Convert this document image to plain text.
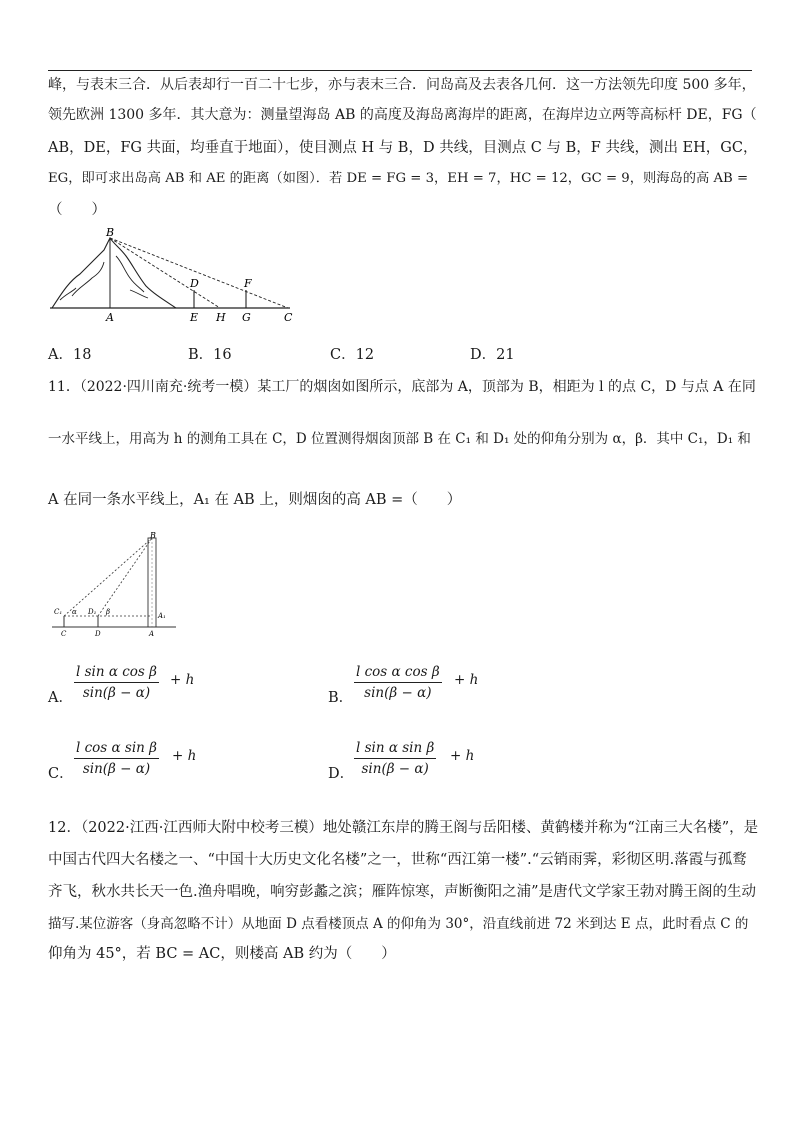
峰，与表末三合．从后表却行一百二十七步，亦与表末三合．问岛高及去表各几何．这一方法领先印度 500 多年，
领先欧洲 1300 多年．其大意为：测量望海岛 AB 的高度及海岛离海岸的距离，在海岸边立两等高标杆 DE，FG（
AB，DE，FG 共面，均垂直于地面），使目测点 H 与 B，D 共线，目测点 C 与 B，F 共线，测出 EH，GC，
EG，即可求出岛高 AB 和 AE 的距离（如图）．若 DE = FG = 3，EH = 7，HC = 12，GC = 9，则海岛的高 AB =
（　　）
B
D	F
A	E H G	C
A．18	B．16	C．12	D．21
11．（2022·四川南充·统考一模）某工厂的烟囱如图所示，底部为 A，顶部为 B，相距为 l 的点 C，D 与点 A 在同
一水平线上，用高为 h 的测角工具在 C，D 位置测得烟囱顶部 B 在 C₁ 和 D₁ 处的仰角分别为 α，β．其中 C₁，D₁ 和
A 在同一条水平线上，A₁ 在 AB 上，则烟囱的高 AB =（　　）
B
C₁ α D₁ β	A₁
C	D	A
A． $\frac{\text{l sin α cos β}}{\sin(\beta - \alpha)} + h$
B． $\frac{\text{l cos α cos β}}{\sin(\beta - \alpha)} + h$
C． $\frac{\text{l cos α sin β}}{\sin(\beta - \alpha)} + h$
D． $\frac{\text{l sin α sin β}}{\sin(\beta - \alpha)} + h$
12．（2022·江西·江西师大附中校考三模）地处赣江东岸的腾王阁与岳阳楼、黄鹤楼并称为“江南三大名楼”，是
中国古代四大名楼之一、“中国十大历史文化名楼”之一，世称“西江第一楼”.“云销雨霁，彩彻区明.落霞与孤鹜
齐飞，秋水共长天一色.渔舟唱晚，响穷彭蠡之滨；雁阵惊寒，声断衡阳之浦”是唐代文学家王勃对腾王阁的生动
描写.某位游客（身高忽略不计）从地面 D 点看楼顶点 A 的仰角为 30°，沿直线前进 72 米到达 E 点，此时看点 C 的
仰角为 45°，若 BC = AC，则楼高 AB 约为（　　）
